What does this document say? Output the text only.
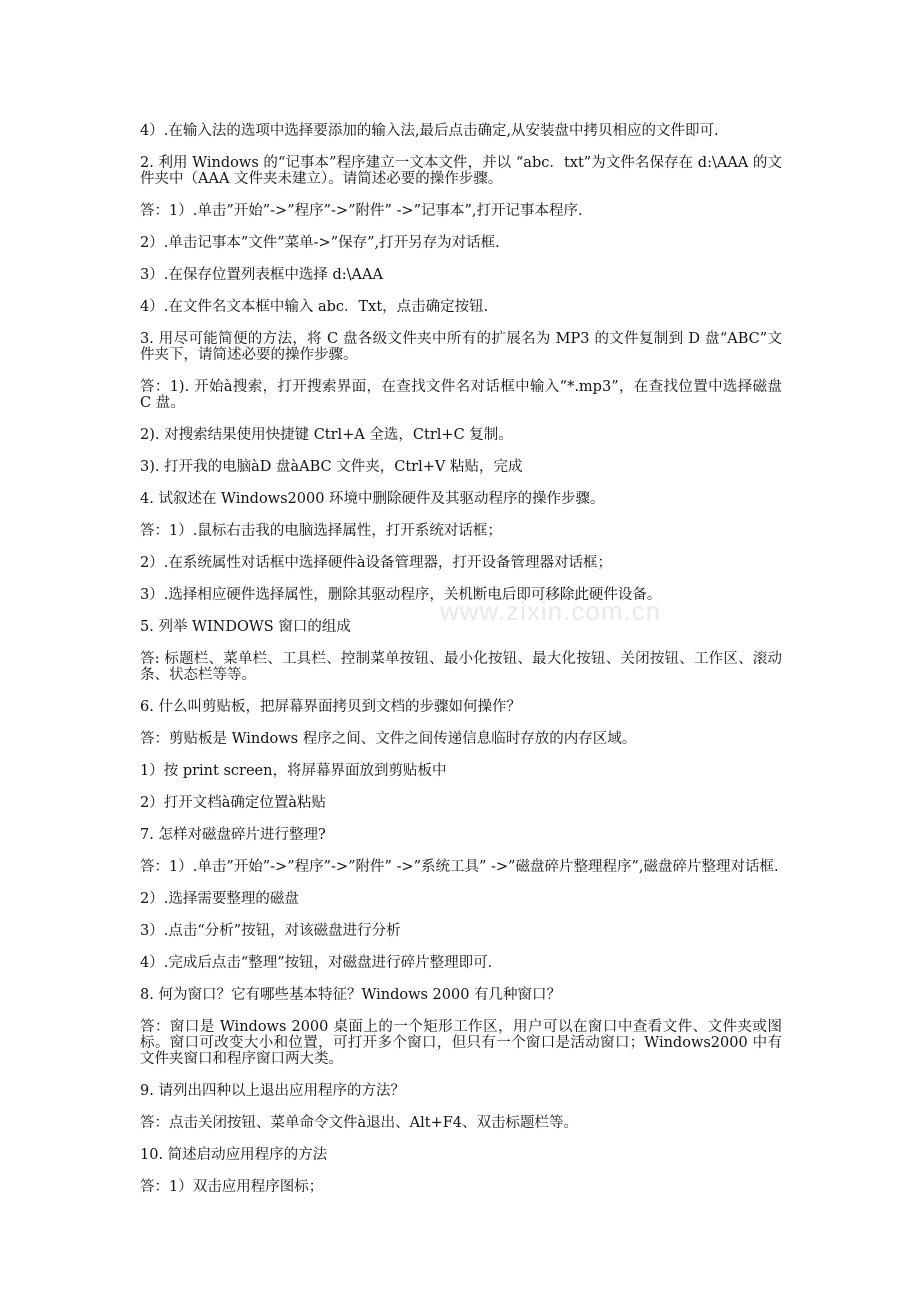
www.zixin.com.cn

4）.在输入法的选项中选择要添加的输入法,最后点击确定,从安装盘中拷贝相应的文件即可.

2. 利用 Windows 的“记事本”程序建立一文本文件，并以 “abc．txt”为文件名保存在 d:\AAA 的文件夹中（AAA 文件夹未建立）。请简述必要的操作步骤。

答：1）.单击”开始”->”程序”->”附件” ->”记事本”,打开记事本程序.

2）.单击记事本”文件”菜单->”保存”,打开另存为对话框.

3）.在保存位置列表框中选择 d:\AAA

4）.在文件名文本框中输入 abc．Txt，点击确定按钮.

3. 用尽可能简便的方法，将 C 盘各级文件夹中所有的扩展名为 MP3 的文件复制到 D 盘“ABC”文件夹下，请简述必要的操作步骤。

答：1). 开始à搜索，打开搜索界面，在查找文件名对话框中输入“*.mp3”，在查找位置中选择磁盘 C 盘。

2). 对搜索结果使用快捷键 Ctrl+A 全选，Ctrl+C 复制。

3). 打开我的电脑àD 盘àABC 文件夹，Ctrl+V 粘贴，完成

4. 试叙述在 Windows2000 环境中删除硬件及其驱动程序的操作步骤。

答：1）.鼠标右击我的电脑选择属性，打开系统对话框；

2）.在系统属性对话框中选择硬件à设备管理器，打开设备管理器对话框；

3）.选择相应硬件选择属性，删除其驱动程序，关机断电后即可移除此硬件设备。

5. 列举 WINDOWS 窗口的组成

答: 标题栏、菜单栏、工具栏、控制菜单按钮、最小化按钮、最大化按钮、关闭按钮、工作区、滚动条、状态栏等等。

6. 什么叫剪贴板，把屏幕界面拷贝到文档的步骤如何操作？

答：剪贴板是 Windows 程序之间、文件之间传递信息临时存放的内存区域。

1）按 print screen，将屏幕界面放到剪贴板中

2）打开文档à确定位置à粘贴

7. 怎样对磁盘碎片进行整理?

答：1）.单击”开始”->”程序”->”附件” ->”系统工具” ->”磁盘碎片整理程序”,磁盘碎片整理对话框.

2）.选择需要整理的磁盘

3）.点击“分析”按钮，对该磁盘进行分析

4）.完成后点击“整理”按钮，对磁盘进行碎片整理即可.

8. 何为窗口？它有哪些基本特征？Windows 2000 有几种窗口？

答：窗口是 Windows 2000 桌面上的一个矩形工作区，用户可以在窗口中查看文件、文件夹或图标。窗口可改变大小和位置，可打开多个窗口，但只有一个窗口是活动窗口；Windows2000 中有文件夹窗口和程序窗口两大类。

9. 请列出四种以上退出应用程序的方法？

答：点击关闭按钮、菜单命令文件à退出、Alt+F4、双击标题栏等。

10. 简述启动应用程序的方法

答：1）双击应用程序图标；
